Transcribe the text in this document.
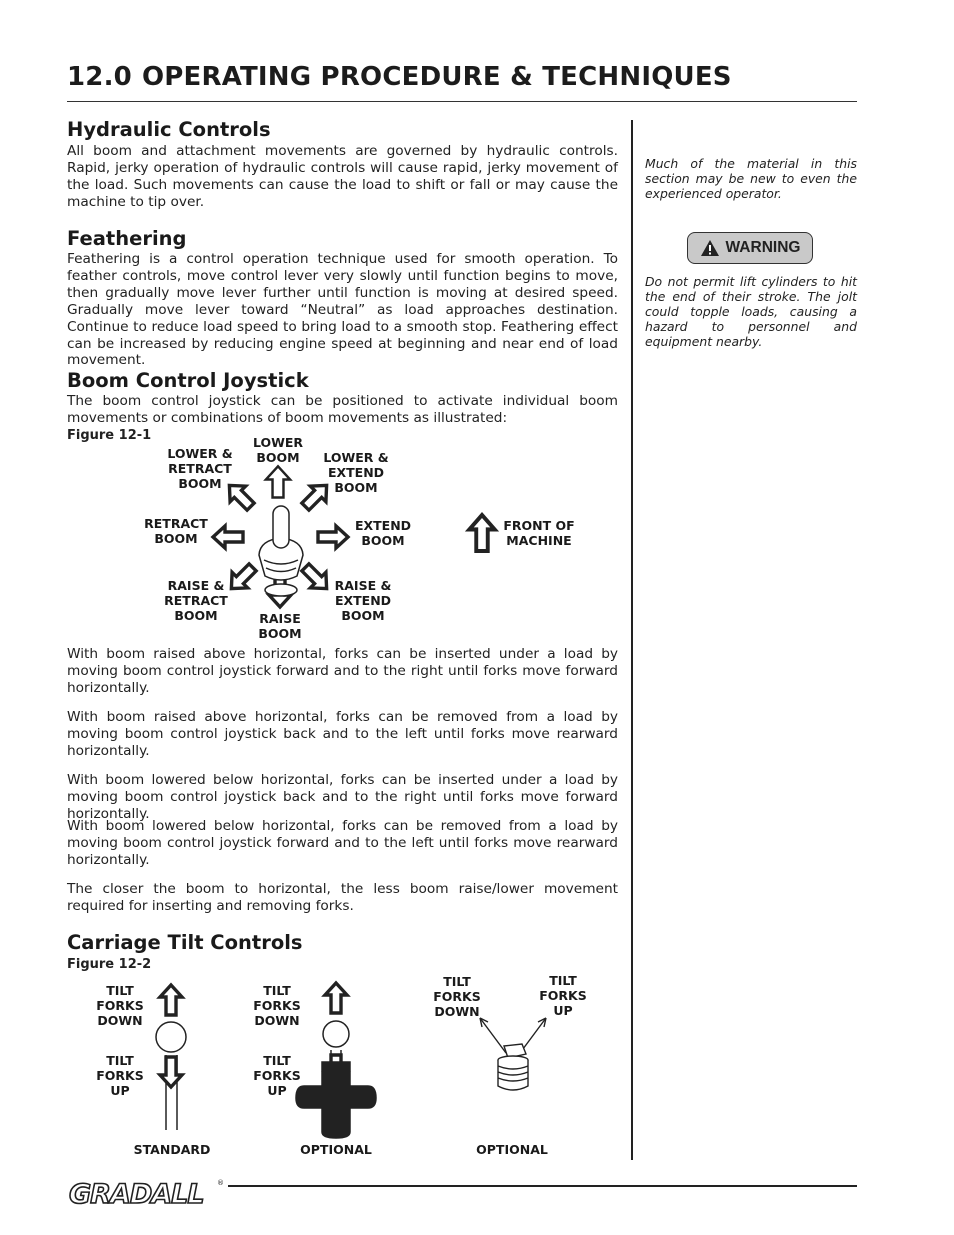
12.0 OPERATING PROCEDURE & TECHNIQUES
Hydraulic Controls

All boom and attachment movements are governed by hydraulic controls. Rapid, jerky operation of hydraulic controls will cause rapid, jerky movement of the load. Such movements can cause the load to shift or fall or may cause the machine to tip over.

Feathering

Feathering is a control operation technique used for smooth operation. To feather controls, move control lever very slowly until function begins to move, then gradually move lever further until function is moving at desired speed. Gradually move lever toward “Neutral” as load approaches destination. Continue to reduce load speed to bring load to a smooth stop. Feathering effect can be increased by reducing engine speed at beginning and near end of load movement.

Boom Control Joystick

The boom control joystick can be positioned to activate individual boom movements or combinations of boom movements as illustrated:

Figure 12-1	LOWER
BOOM
LOWER &
RETRACT
BOOM
LOWER &
EXTEND
BOOM
RETRACT
BOOM
EXTEND
BOOM
FRONT OF
MACHINE
RAISE &
RETRACT
BOOM	RAISE
BOOM
RAISE &
EXTEND
BOOM

With boom raised above horizontal, forks can be inserted under a load by moving boom control joystick forward and to the right until forks move forward horizontally.

With boom raised above horizontal, forks can be removed from a load by moving boom control joystick back and to the left until forks move rearward horizontally.

With boom lowered below horizontal, forks can be inserted under a load by moving boom control joystick back and to the right until forks move forward horizontally.

With boom lowered below horizontal, forks can be removed from a load by moving boom control joystick forward and to the left until forks move rearward horizontally.

The closer the boom to horizontal, the less boom raise/lower movement required for inserting and removing forks.

Carriage Tilt Controls

Figure 12-2

TILT
FORKS
DOWN
TILT
FORKS
UP
STANDARD
TILT
FORKS
DOWN
TILT
FORKS
UP
OPTIONAL
TILT
FORKS
DOWN
TILT
FORKS
UP
OPTIONAL

Much of the material in this section may be new to even the experienced operator.

WARNING

Do not permit lift cylinders to hit the end of their stroke. The jolt could topple loads, causing a hazard to personnel and equipment nearby.

GRADALL ®
